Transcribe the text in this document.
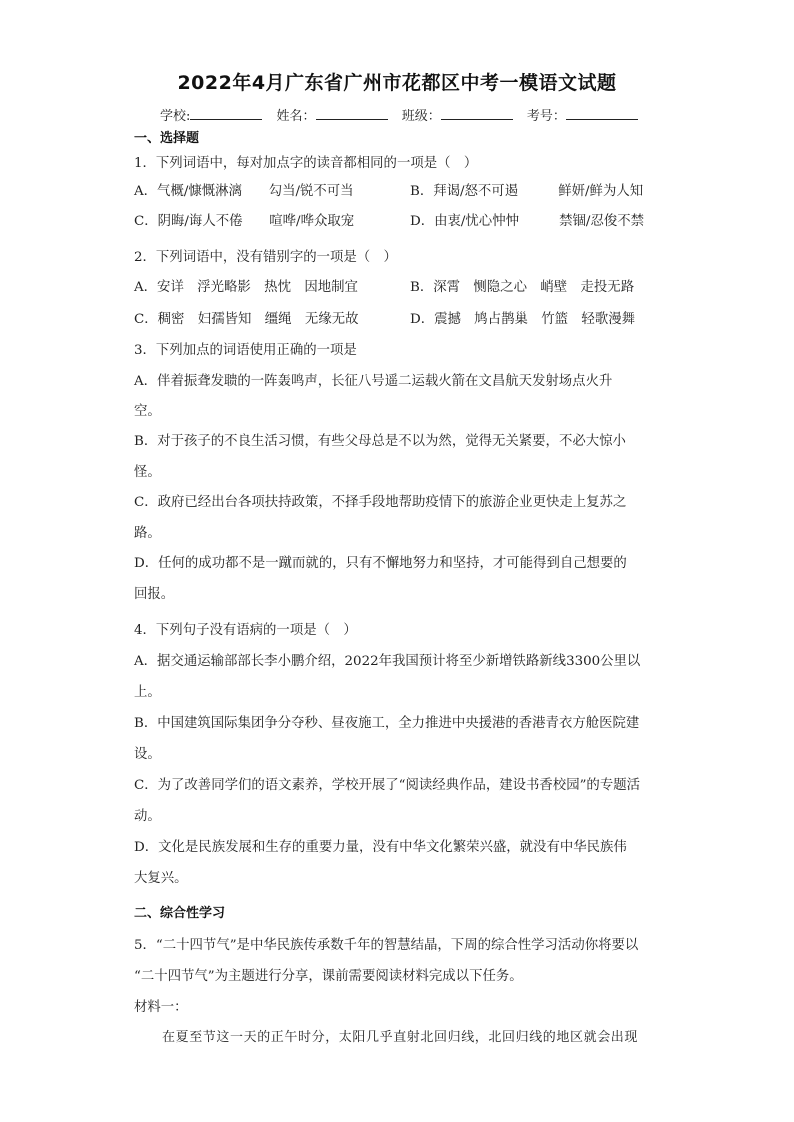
2022年4月广东省广州市花都区中考一模语文试题
学校:	姓名：	班级：	考号：
一、选择题
1．下列词语中，每对加点字的读音都相同的一项是（　）
A．气概/慷慨淋漓　　勾当/锐不可当	B．拜谒/怒不可遏　　　鲜妍/鲜为人知
C．阴晦/诲人不倦　　喧哗/哗众取宠	D．由衷/忧心忡忡　　　禁锢/忍俊不禁
2．下列词语中，没有错别字的一项是（　）
A．安详　浮光略影　热忱　因地制宜	B．深霄　恻隐之心　峭壁　走投无路
C．稠密　妇孺皆知　缰绳　无缘无故	D．震撼　鸠占鹊巢　竹篮　轻歌漫舞
3．下列加点的词语使用正确的一项是
A．伴着振聋发聩的一阵轰鸣声，长征八号遥二运载火箭在文昌航天发射场点火升
空。
B．对于孩子的不良生活习惯，有些父母总是不以为然，觉得无关紧要，不必大惊小
怪。
C．政府已经出台各项扶持政策，不择手段地帮助疫情下的旅游企业更快走上复苏之
路。
D．任何的成功都不是一蹴而就的，只有不懈地努力和坚持，才可能得到自己想要的
回报。
4．下列句子没有语病的一项是（　）
A．据交通运输部部长李小鹏介绍，2022年我国预计将至少新增铁路新线3300公里以
上。
B．中国建筑国际集团争分夺秒、昼夜施工，全力推进中央援港的香港青衣方舱医院建
设。
C．为了改善同学们的语文素养，学校开展了“阅读经典作品，建设书香校园”的专题活
动。
D．文化是民族发展和生存的重要力量，没有中华文化繁荣兴盛，就没有中华民族伟
大复兴。
二、综合性学习
5．“二十四节气”是中华民族传承数千年的智慧结晶，下周的综合性学习活动你将要以
“二十四节气”为主题进行分享，课前需要阅读材料完成以下任务。
材料一：
在夏至节这一天的正午时分，太阳几乎直射北回归线，北回归线的地区就会出现
